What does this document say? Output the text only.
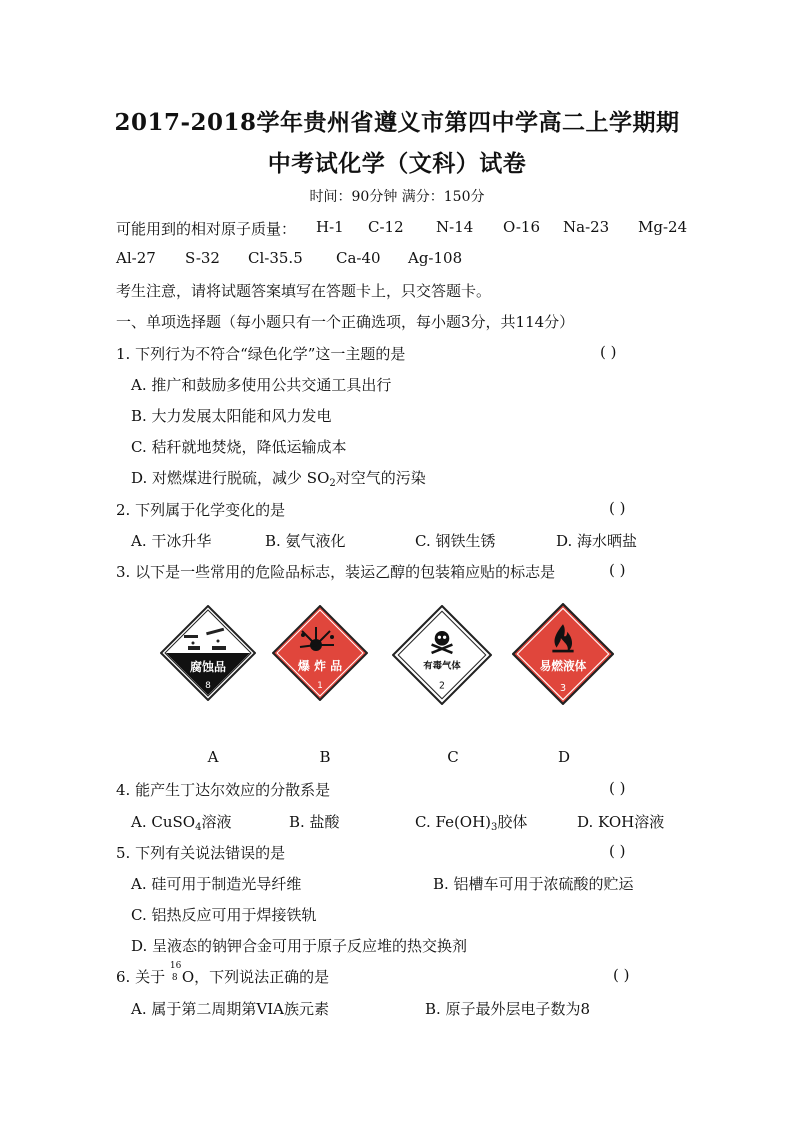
2017-2018学年贵州省遵义市第四中学高二上学期期
中考试化学（文科）试卷
时间：90分钟 满分：150分
可能用到的相对原子质量： H-1 C-12 N-14 O-16 Na-23 Mg-24
Al-27 S-32 Cl-35.5 Ca-40 Ag-108
考生注意，请将试题答案填写在答题卡上，只交答题卡。
一、单项选择题（每小题只有一个正确选项，每小题3分，共114分）
1. 下列行为不符合“绿色化学”这一主题的是	( )
A. 推广和鼓励多使用公共交通工具出行
B. 大力发展太阳能和风力发电
C. 秸秆就地焚烧，降低运输成本
D. 对燃煤进行脱硫，减少 $SO_2$对空气的污染
2. 下列属于化学变化的是	( )
A. 干冰升华	B. 氨气液化	C. 钢铁生锈	D. 海水晒盐
3. 以下是一些常用的危险品标志，装运乙醇的包装箱应贴的标志是	( )
腐蚀品
8
爆 炸 品
1
有毒气体
2
易燃液体
3
A	B	C	D
4. 能产生丁达尔效应的分散系是	( )
A. CuSO$_4$溶液	B. 盐酸	C. $Fe(OH)_3$胶体	D. KOH溶液
5. 下列有关说法错误的是	( )
A. 硅可用于制造光导纤维	B. 铝槽车可用于浓硫酸的贮运
C. 铝热反应可用于焊接铁轨
D. 呈液态的钠钾合金可用于原子反应堆的热交换剂
6. 关于
16
8 O，下列说法正确的是	( )
A. 属于第二周期第VIA族元素	B. 原子最外层电子数为8
